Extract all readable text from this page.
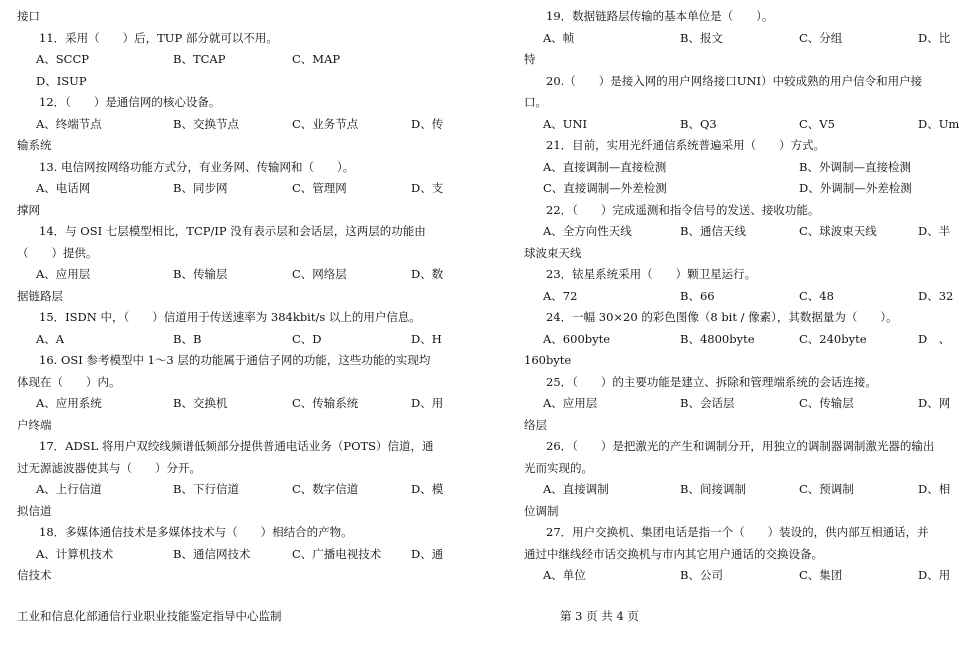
接口
11．采用（　　）后，TUP 部分就可以不用。
A、SCCP	B、TCAP	C、MAP
D、ISUP
12．（　　）是通信网的核心设备。
A、终端节点	B、交换节点	C、业务节点	D、传
输系统
13. 电信网按网络功能方式分，有业务网、传输网和（　　）。
A、电话网	B、同步网	C、管理网	D、支
撑网
14．与 OSI 七层模型相比，TCP/IP 没有表示层和会话层，这两层的功能由
（　　）提供。
A、应用层	B、传输层	C、网络层	D、数
据链路层
15．ISDN 中，（　　）信道用于传送速率为 384kbit/s 以上的用户信息。
A、A	B、B	C、D	D、H
16. OSI 参考模型中 1～3 层的功能属于通信子网的功能，这些功能的实现均
体现在（　　）内。
A、应用系统	B、交换机	C、传输系统	D、用
户终端
17．ADSL 将用户双绞线频谱低频部分提供普通电话业务（POTS）信道，通
过无源滤波器使其与（　　）分开。
A、上行信道	B、下行信道	C、数字信道	D、模
拟信道
18．多媒体通信技术是多媒体技术与（　　）相结合的产物。
A、计算机技术	B、通信网技术	C、广播电视技术	D、通
信技术
19．数据链路层传输的基本单位是（　　）。
A、帧	B、报文	C、分组	D、比
特
20.（　　）是接入网的用户网络接口UNI）中较成熟的用户信令和用户接
口。
A、UNI	B、Q3	C、V5	D、Um
21．目前，实用光纤通信系统普遍采用（　　）方式。
A、直接调制—直接检测	B、外调制—直接检测
C、直接调制—外差检测	D、外调制—外差检测
22．（　　）完成遥测和指令信号的发送、接收功能。
A、全方向性天线	B、通信天线	C、球波束天线	D、半
球波束天线
23．铱星系统采用（　　）颗卫星运行。
A、72	B、66	C、48	D、32
24．一幅 30×20 的彩色图像（8 bit / 像素），其数据量为（　　）。
A、600byte	B、4800byte	C、240byte	D　、
160byte
25．（　　）的主要功能是建立、拆除和管理端系统的会话连接。
A、应用层	B、会话层	C、传输层	D、网
络层
26．（　　）是把激光的产生和调制分开，用独立的调制器调制激光器的输出
光而实现的。
A、直接调制	B、间接调制	C、预调制	D、相
位调制
27．用户交换机、集团电话是指一个（　　）装设的，供内部互相通话，并
通过中继线经市话交换机与市内其它用户通话的交换设备。
A、单位	B、公司	C、集团	D、用
工业和信息化部通信行业职业技能鉴定指导中心监制	第 3 页 共 4 页
